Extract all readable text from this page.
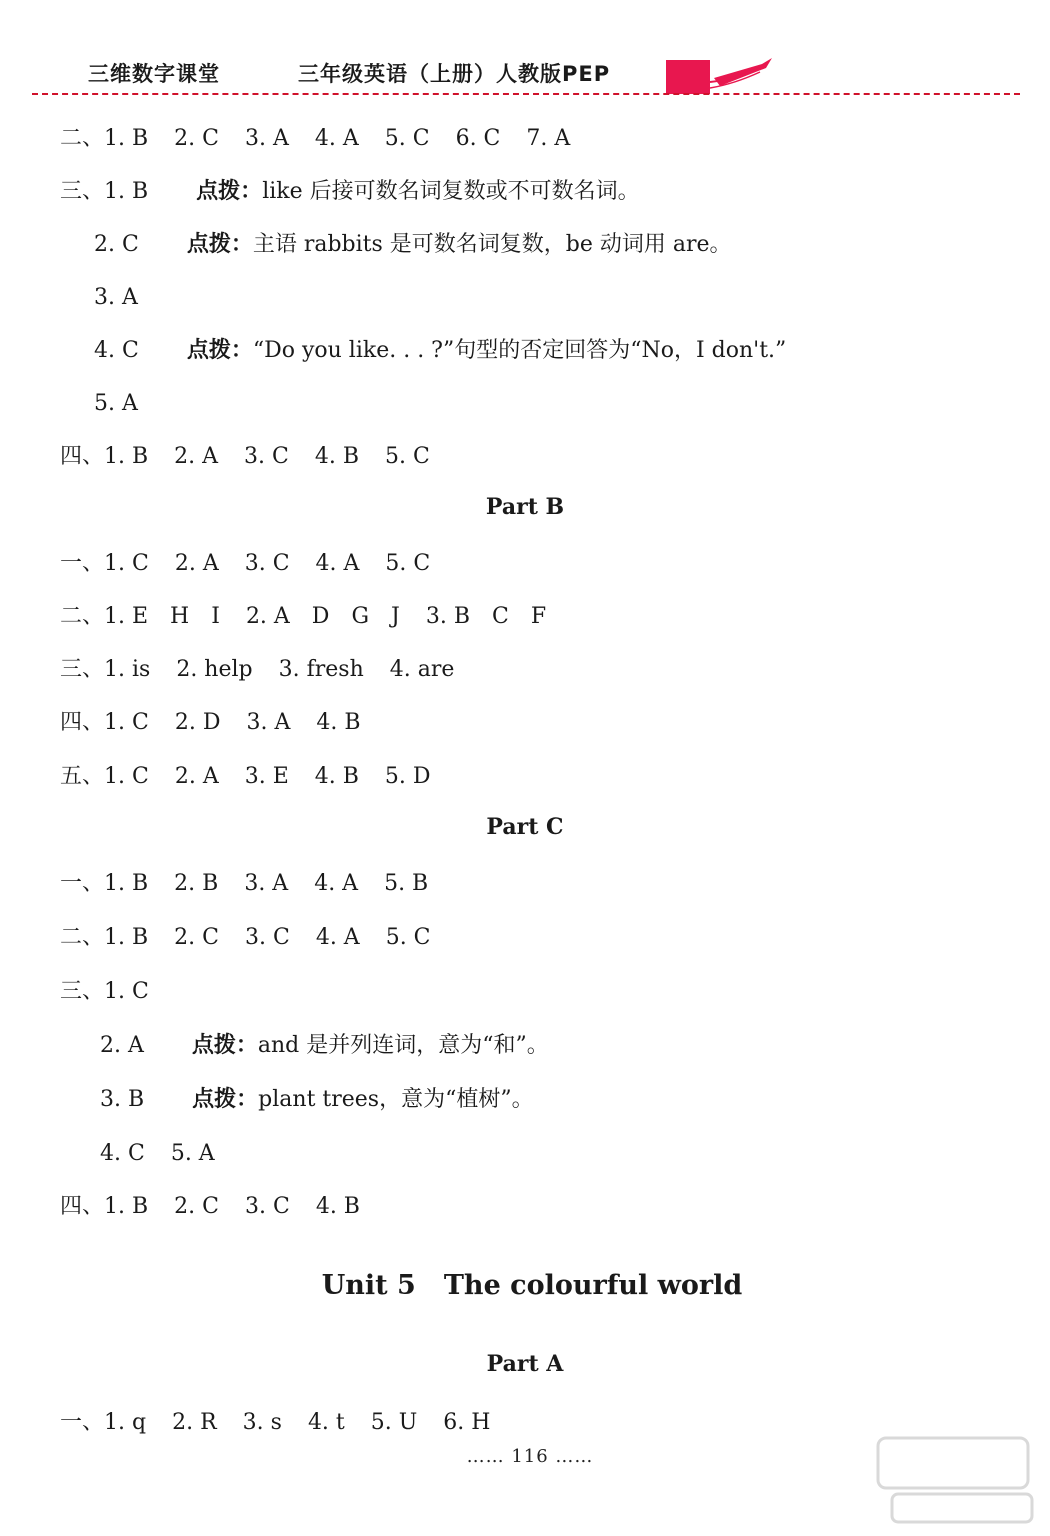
三维数字课堂	三年级英语（上册）人教版PEP
二、1. B 2. C 3. A 4. A 5. C 6. C 7. A
三、1. B 点拨：like 后接可数名词复数或不可数名词。
2. C 点拨：主语 rabbits 是可数名词复数，be 动词用 are。
3. A
4. C 点拨：“Do you like. . . ?”句型的否定回答为“No，I don't.”
5. A
四、1. B 2. A 3. C 4. B 5. C
一、1. C 2. A 3. C 4. A 5. C
二、1. E　H　I 2. A　D　G　J 3. B　C　F
三、1. is 2. help 3. fresh 4. are
四、1. C 2. D 3. A 4. B
五、1. C 2. A 3. E 4. B 5. D
一、1. B 2. B 3. A 4. A 5. B
二、1. B 2. C 3. C 4. A 5. C
三、1. C
2. A 点拨：and 是并列连词，意为“和”。
3. B 点拨：plant trees，意为“植树”。
4. C 5. A
四、1. B 2. C 3. C 4. B
一、1. q 2. R 3. s 4. t 5. U 6. H
Part B
Part C
Unit 5 The colourful world
Part A
…… 116 ……
